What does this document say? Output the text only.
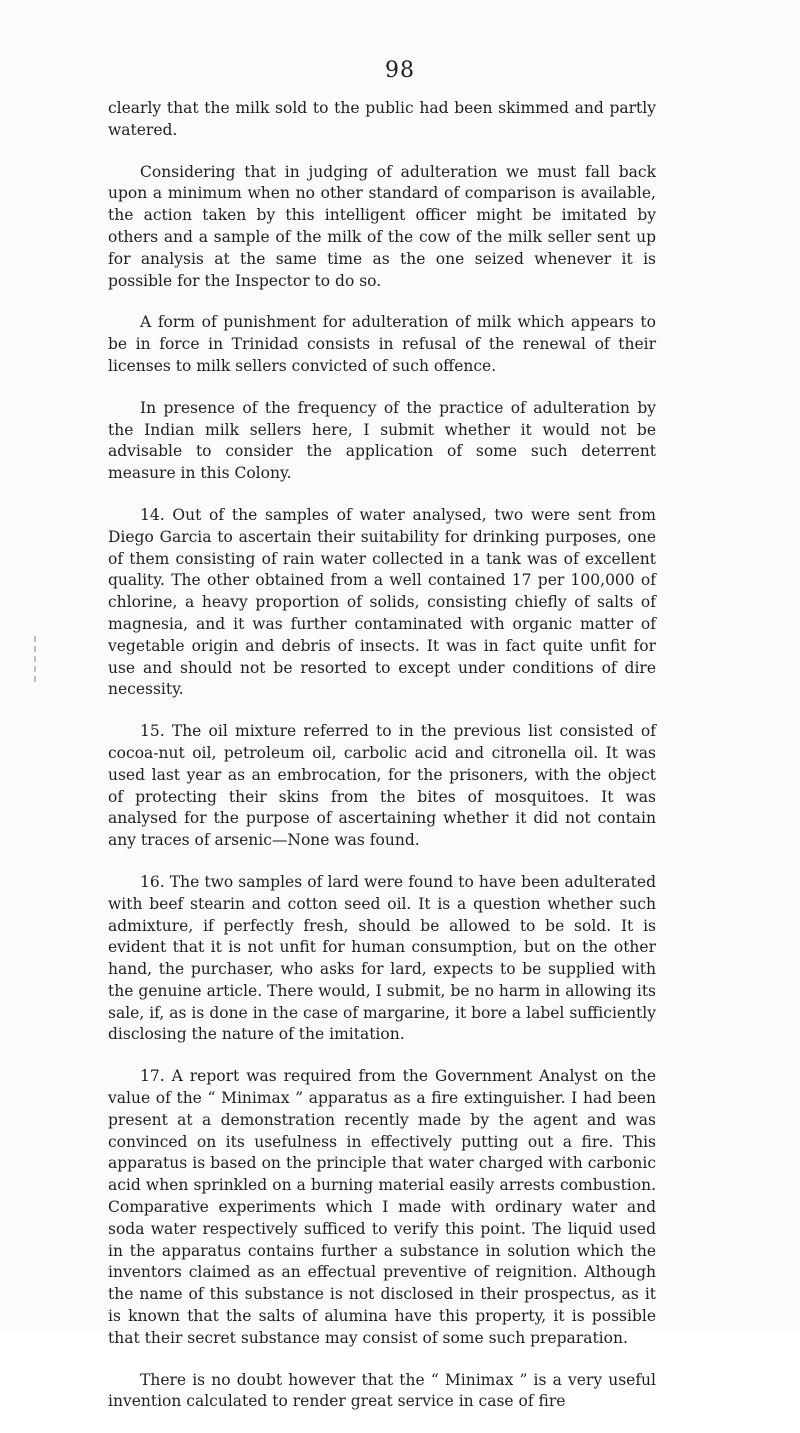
98

clearly that the milk sold to the public had been skimmed and partly watered.

Considering that in judging of adulteration we must fall back upon a minimum when no other standard of comparison is available, the action taken by this intelligent officer might be imitated by others and a sample of the milk of the cow of the milk seller sent up for analysis at the same time as the one seized whenever it is possible for the Inspector to do so.

A form of punishment for adulteration of milk which appears to be in force in Trinidad consists in refusal of the renewal of their licenses to milk sellers convicted of such offence.

In presence of the frequency of the practice of adulteration by the Indian milk sellers here, I submit whether it would not be advisable to consider the application of some such deterrent measure in this Colony.

14. Out of the samples of water analysed, two were sent from Diego Garcia to ascertain their suitability for drinking purposes, one of them consisting of rain water collected in a tank was of excellent quality. The other obtained from a well contained 17 per 100,000 of chlorine, a heavy proportion of solids, consisting chiefly of salts of magnesia, and it was further contaminated with organic matter of vegetable origin and debris of insects. It was in fact quite unfit for use and should not be resorted to except under conditions of dire necessity.

15. The oil mixture referred to in the previous list consisted of cocoa-nut oil, petroleum oil, carbolic acid and citronella oil. It was used last year as an embrocation, for the prisoners, with the object of protecting their skins from the bites of mosquitoes. It was analysed for the purpose of ascertaining whether it did not contain any traces of arsenic—None was found.

16. The two samples of lard were found to have been adulterated with beef stearin and cotton seed oil. It is a question whether such admixture, if perfectly fresh, should be allowed to be sold. It is evident that it is not unfit for human consumption, but on the other hand, the purchaser, who asks for lard, expects to be supplied with the genuine article. There would, I submit, be no harm in allowing its sale, if, as is done in the case of margarine, it bore a label sufficiently disclosing the nature of the imitation.

17. A report was required from the Government Analyst on the value of the “ Minimax ” apparatus as a fire extinguisher. I had been present at a demonstration recently made by the agent and was convinced on its usefulness in effectively putting out a fire. This apparatus is based on the principle that water charged with carbonic acid when sprinkled on a burning material easily arrests combustion. Comparative experiments which I made with ordinary water and soda water respectively sufficed to verify this point. The liquid used in the apparatus contains further a substance in solution which the inventors claimed as an effectual preventive of reignition. Although the name of this substance is not disclosed in their prospectus, as it is known that the salts of alumina have this property, it is possible that their secret substance may consist of some such preparation.

There is no doubt however that the “ Minimax ” is a very useful invention calculated to render great service in case of fire
